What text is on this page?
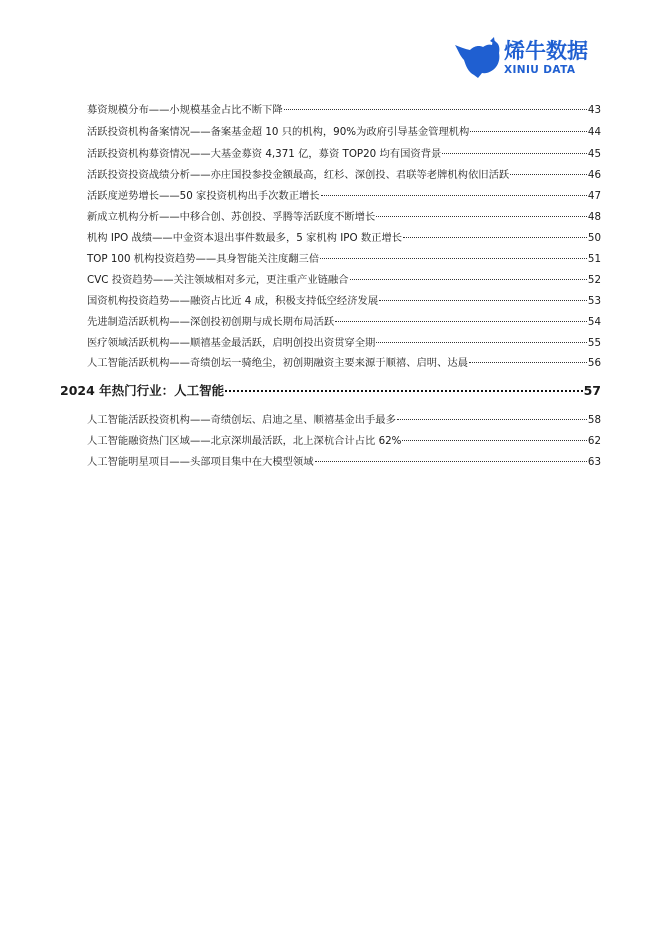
烯牛数据
XINIU DATA
募资规模分布 —— 小规模基金占比不断下降	43
活跃投资机构备案情况 —— 备案基金超 10 只的机构，90%为政府引导基金管理机构	44
活跃投资机构募资情况 —— 大基金募资 4,371 亿，募资 TOP20 均有国资背景	45
活跃投资投资战绩分析 —— 亦庄国投参投金额最高，红杉、深创投、君联等老牌机构依旧活跃	46
活跃度逆势增长 —— 50 家投资机构出手次数正增长	47
新成立机构分析 —— 中移合创、苏创投、孚腾等活跃度不断增长	48
机构 IPO 战绩 —— 中金资本退出事件数最多，5 家机构 IPO 数正增长	50
TOP 100 机构投资趋势 —— 具身智能关注度翻三倍	51
CVC 投资趋势 —— 关注领域相对多元，更注重产业链融合	52
国资机构投资趋势 —— 融资占比近 4 成，积极支持低空经济发展	53
先进制造活跃机构 —— 深创投初创期与成长期布局活跃	54
医疗领域活跃机构 —— 顺禧基金最活跃，启明创投出资贯穿全期	55
人工智能活跃机构 —— 奇绩创坛一骑绝尘，初创期融资主要来源于顺禧、启明、达晨	56
2024 年热门行业：人工智能	57
人工智能活跃投资机构 —— 奇绩创坛、启迪之星、顺禧基金出手最多	58
人工智能融资热门区域 —— 北京深圳最活跃，北上深杭合计占比 62%	62
人工智能明星项目 —— 头部项目集中在大模型领域	63
